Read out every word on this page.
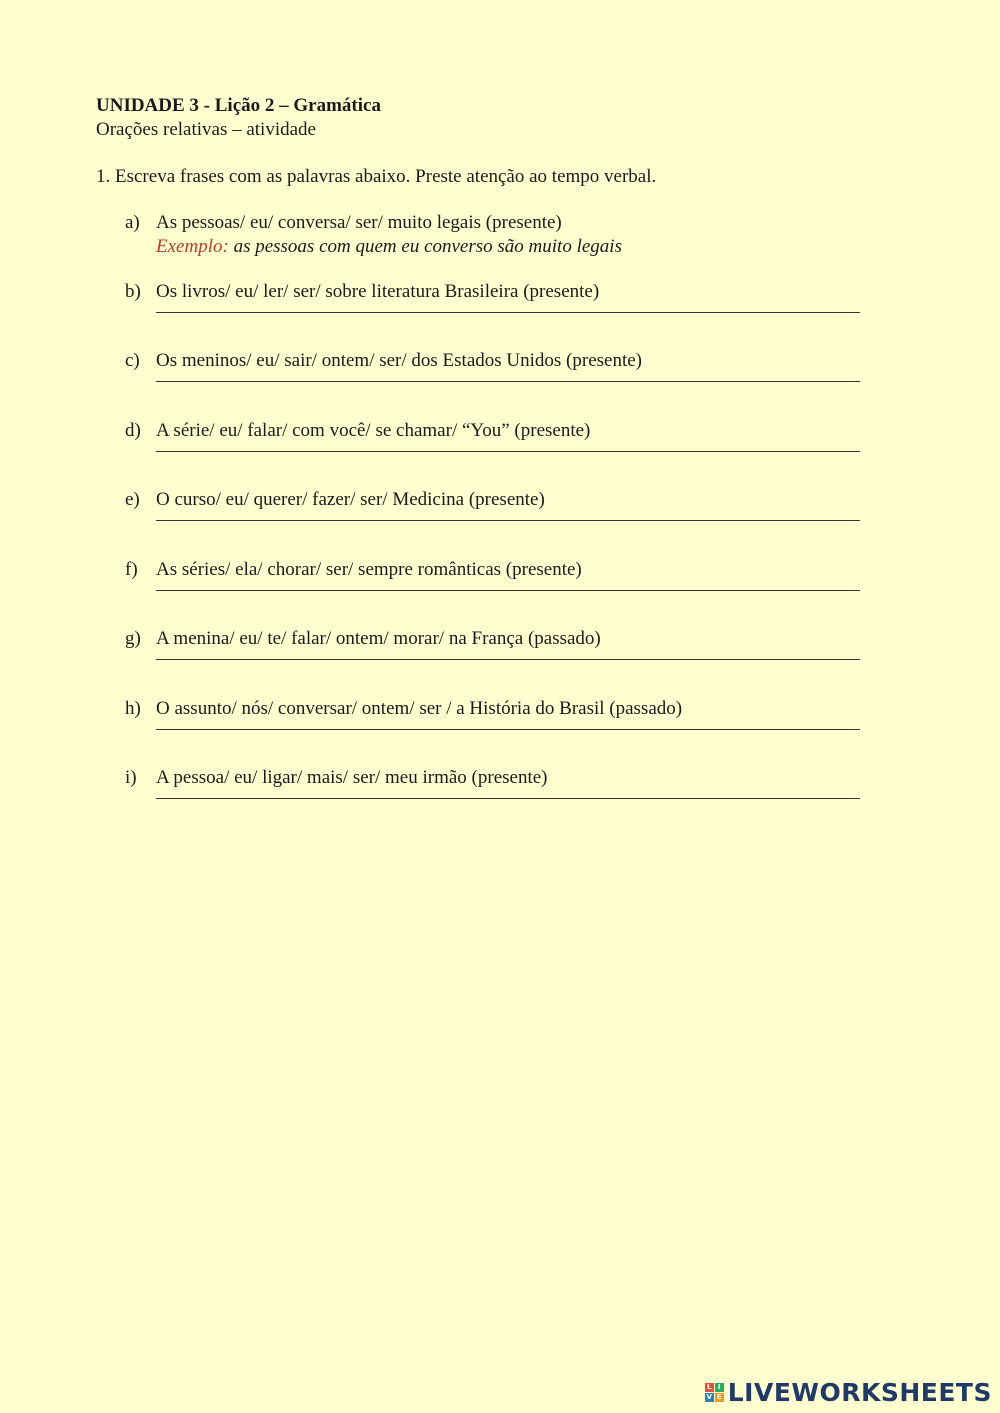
UNIDADE 3 - Lição 2 – Gramática
Orações relativas – atividade
1. Escreva frases com as palavras abaixo. Preste atenção ao tempo verbal.
a) As pessoas/ eu/ conversa/ ser/ muito legais (presente)
Exemplo: as pessoas com quem eu converso são muito legais
b) Os livros/ eu/ ler/ ser/ sobre literatura Brasileira (presente)
c) Os meninos/ eu/ sair/ ontem/ ser/ dos Estados Unidos (presente)
d) A série/ eu/ falar/ com você/ se chamar/ “You” (presente)
e) O curso/ eu/ querer/ fazer/ ser/ Medicina (presente)
f) As séries/ ela/ chorar/ ser/ sempre românticas (presente)
g) A menina/ eu/ te/ falar/ ontem/ morar/ na França (passado)
h) O assunto/ nós/ conversar/ ontem/ ser / a História do Brasil (passado)
i) A pessoa/ eu/ ligar/ mais/ ser/ meu irmão (presente)
L I
V E LIVEWORKSHEETS
